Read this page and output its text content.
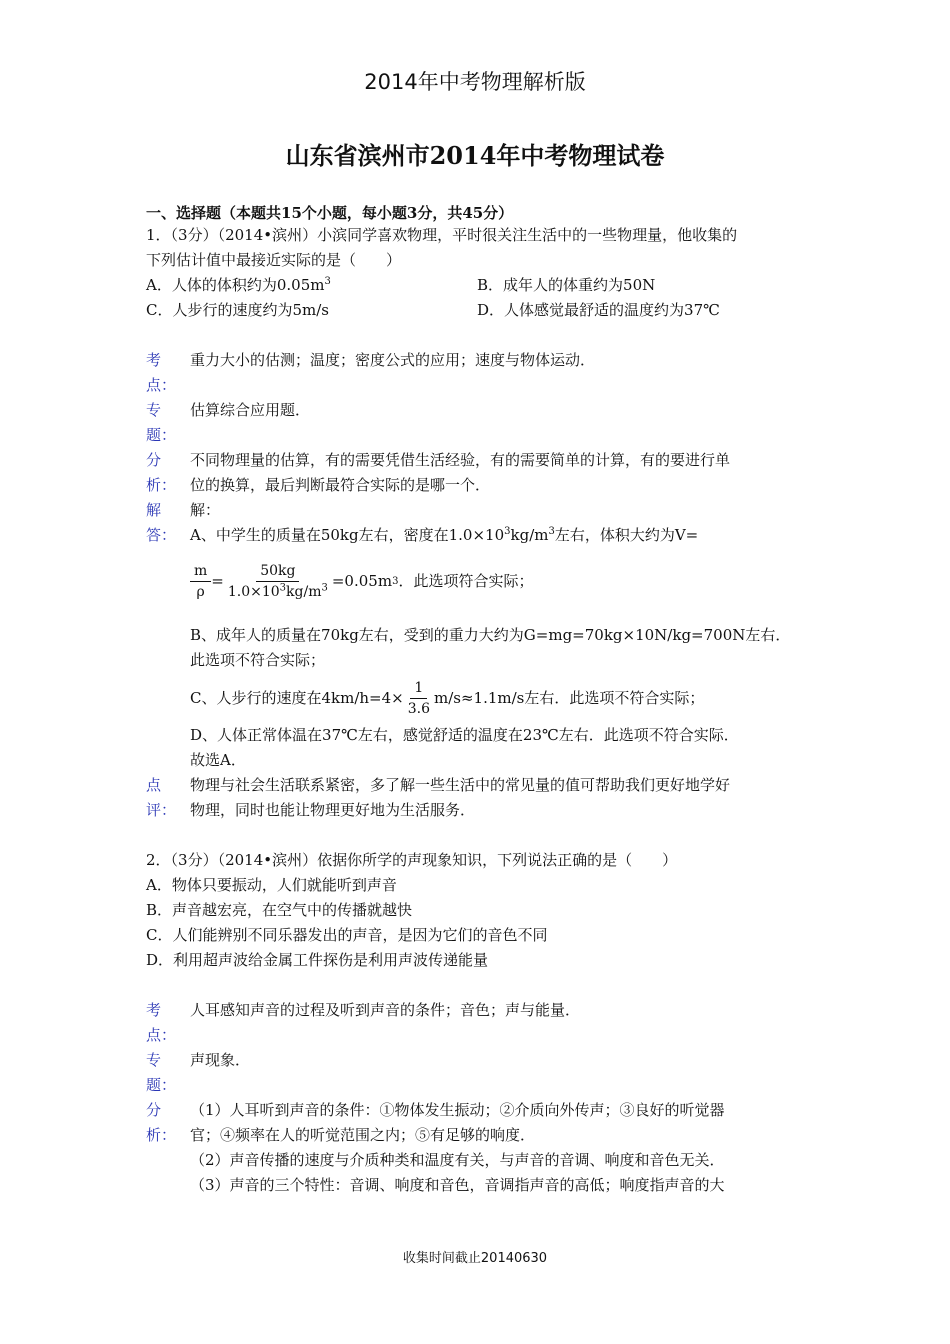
2014年中考物理解析版
山东省滨州市2014年中考物理试卷
一、选择题（本题共15个小题，每小题3分，共45分）
1．（3分）（2014•滨州）小滨同学喜欢物理，平时很关注生活中的一些物理量，他收集的
下列估计值中最接近实际的是（　　）
A．人体的体积约为$0.05m^3$	B．成年人的体重约为50N
C．人步行的速度约为5m/s	D．人体感觉最舒适的温度约为37℃
考
点：
重力大小的估测；温度；密度公式的应用；速度与物体运动．
专
题：
估算综合应用题．
分
析：
不同物理量的估算，有的需要凭借生活经验，有的需要简单的计算，有的要进行单
位的换算，最后判断最符合实际的是哪一个．
解
答：
解：
A、中学生的质量在50kg左右，密度在$1.0\times 10^3kg/m^3$左右，体积大约为V=
$\frac{m}{\rho} = \frac{50kg}{1.0\times 10^3kg/m^3} =0.05m$ 3 ．此选项符合实际；
B、成年人的质量在70kg左右，受到的重力大约为G=mg=70kg×10N/kg=700N左右．
此选项不符合实际；
C、人步行的速度在$4km/h=4\times \frac{1}{3.6} m/s\approx 1.1m/s$左右．此选项不符合实际；
D、人体正常体温在37℃左右，感觉舒适的温度在23℃左右．此选项不符合实际．
故选A．
点
评：
物理与社会生活联系紧密，多了解一些生活中的常见量的值可帮助我们更好地学好
物理，同时也能让物理更好地为生活服务．
2．（3分）（2014•滨州）依据你所学的声现象知识，下列说法正确的是（　　）
A．物体只要振动，人们就能听到声音
B．声音越宏亮，在空气中的传播就越快
C．人们能辨别不同乐器发出的声音，是因为它们的音色不同
D．利用超声波给金属工件探伤是利用声波传递能量
考
点：
人耳感知声音的过程及听到声音的条件；音色；声与能量．
专
题：
声现象．
分
析：
（1）人耳听到声音的条件：①物体发生振动；②介质向外传声；③良好的听觉器
官；④频率在人的听觉范围之内；⑤有足够的响度．
（2）声音传播的速度与介质种类和温度有关，与声音的音调、响度和音色无关．
（3）声音的三个特性：音调、响度和音色，音调指声音的高低；响度指声音的大
收集时间截止20140630
